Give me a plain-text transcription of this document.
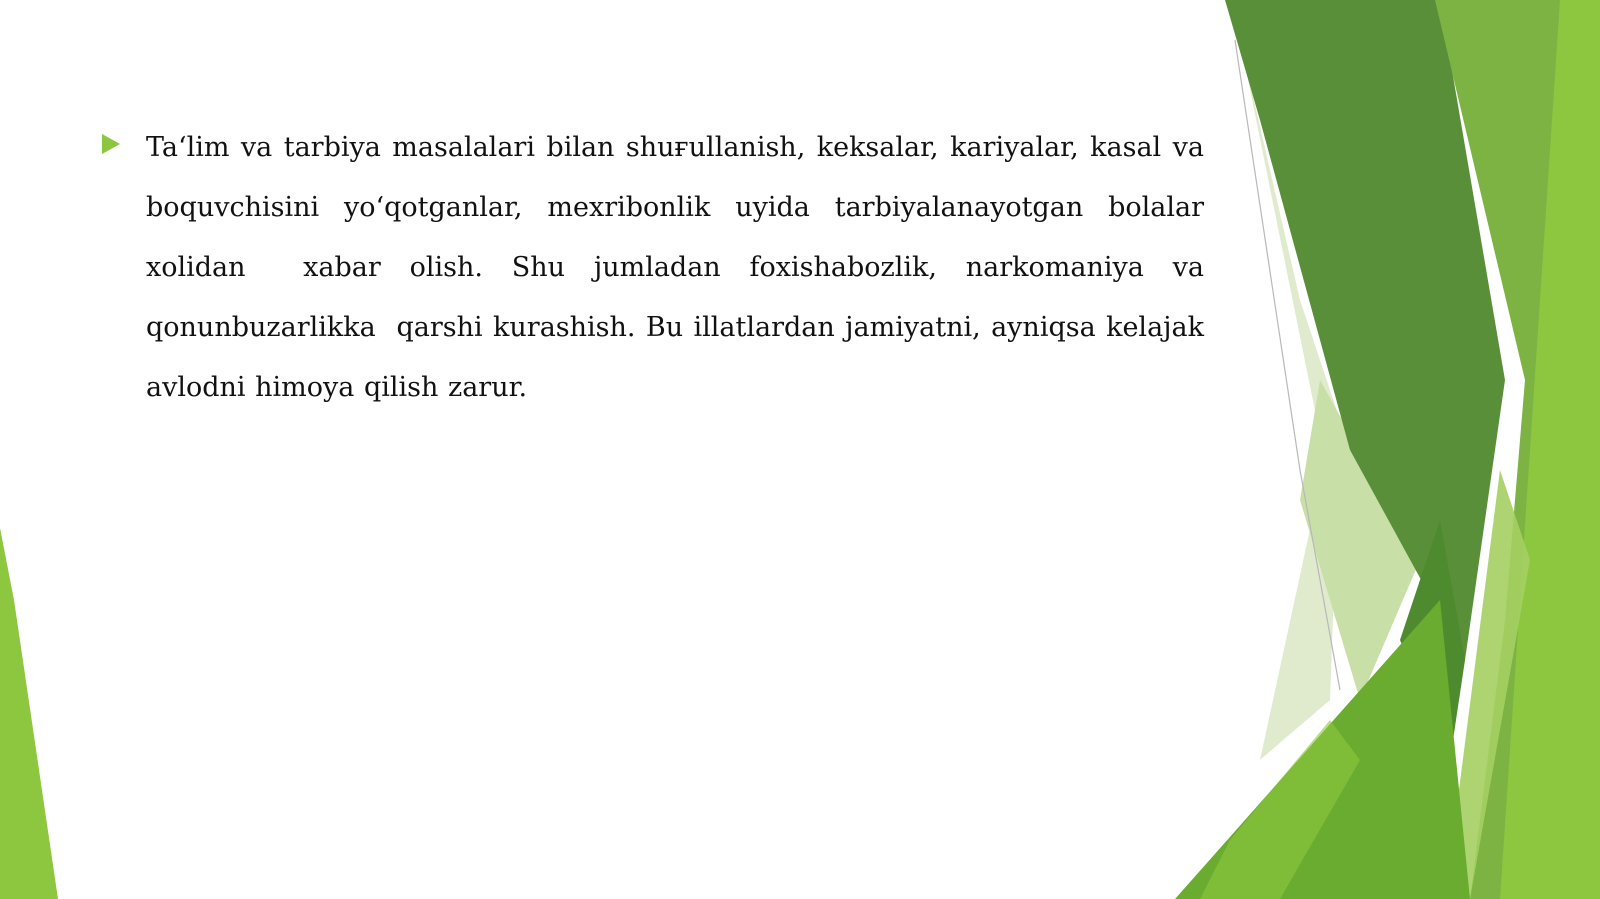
Ta‘lim va tarbiya masalalari bilan shuғullanish, keksalar, kariyalar, kasal va boquvchisini yo‘qotganlar, mexribonlik uyida tarbiyalanayotgan bolalar xolidan  xabar olish. Shu jumladan foxishabozlik, narkomaniya va qonunbuzarlikka  qarshi kurashish. Bu illatlardan jamiyatni, ayniqsa kelajak avlodni himoya qilish zarur.
